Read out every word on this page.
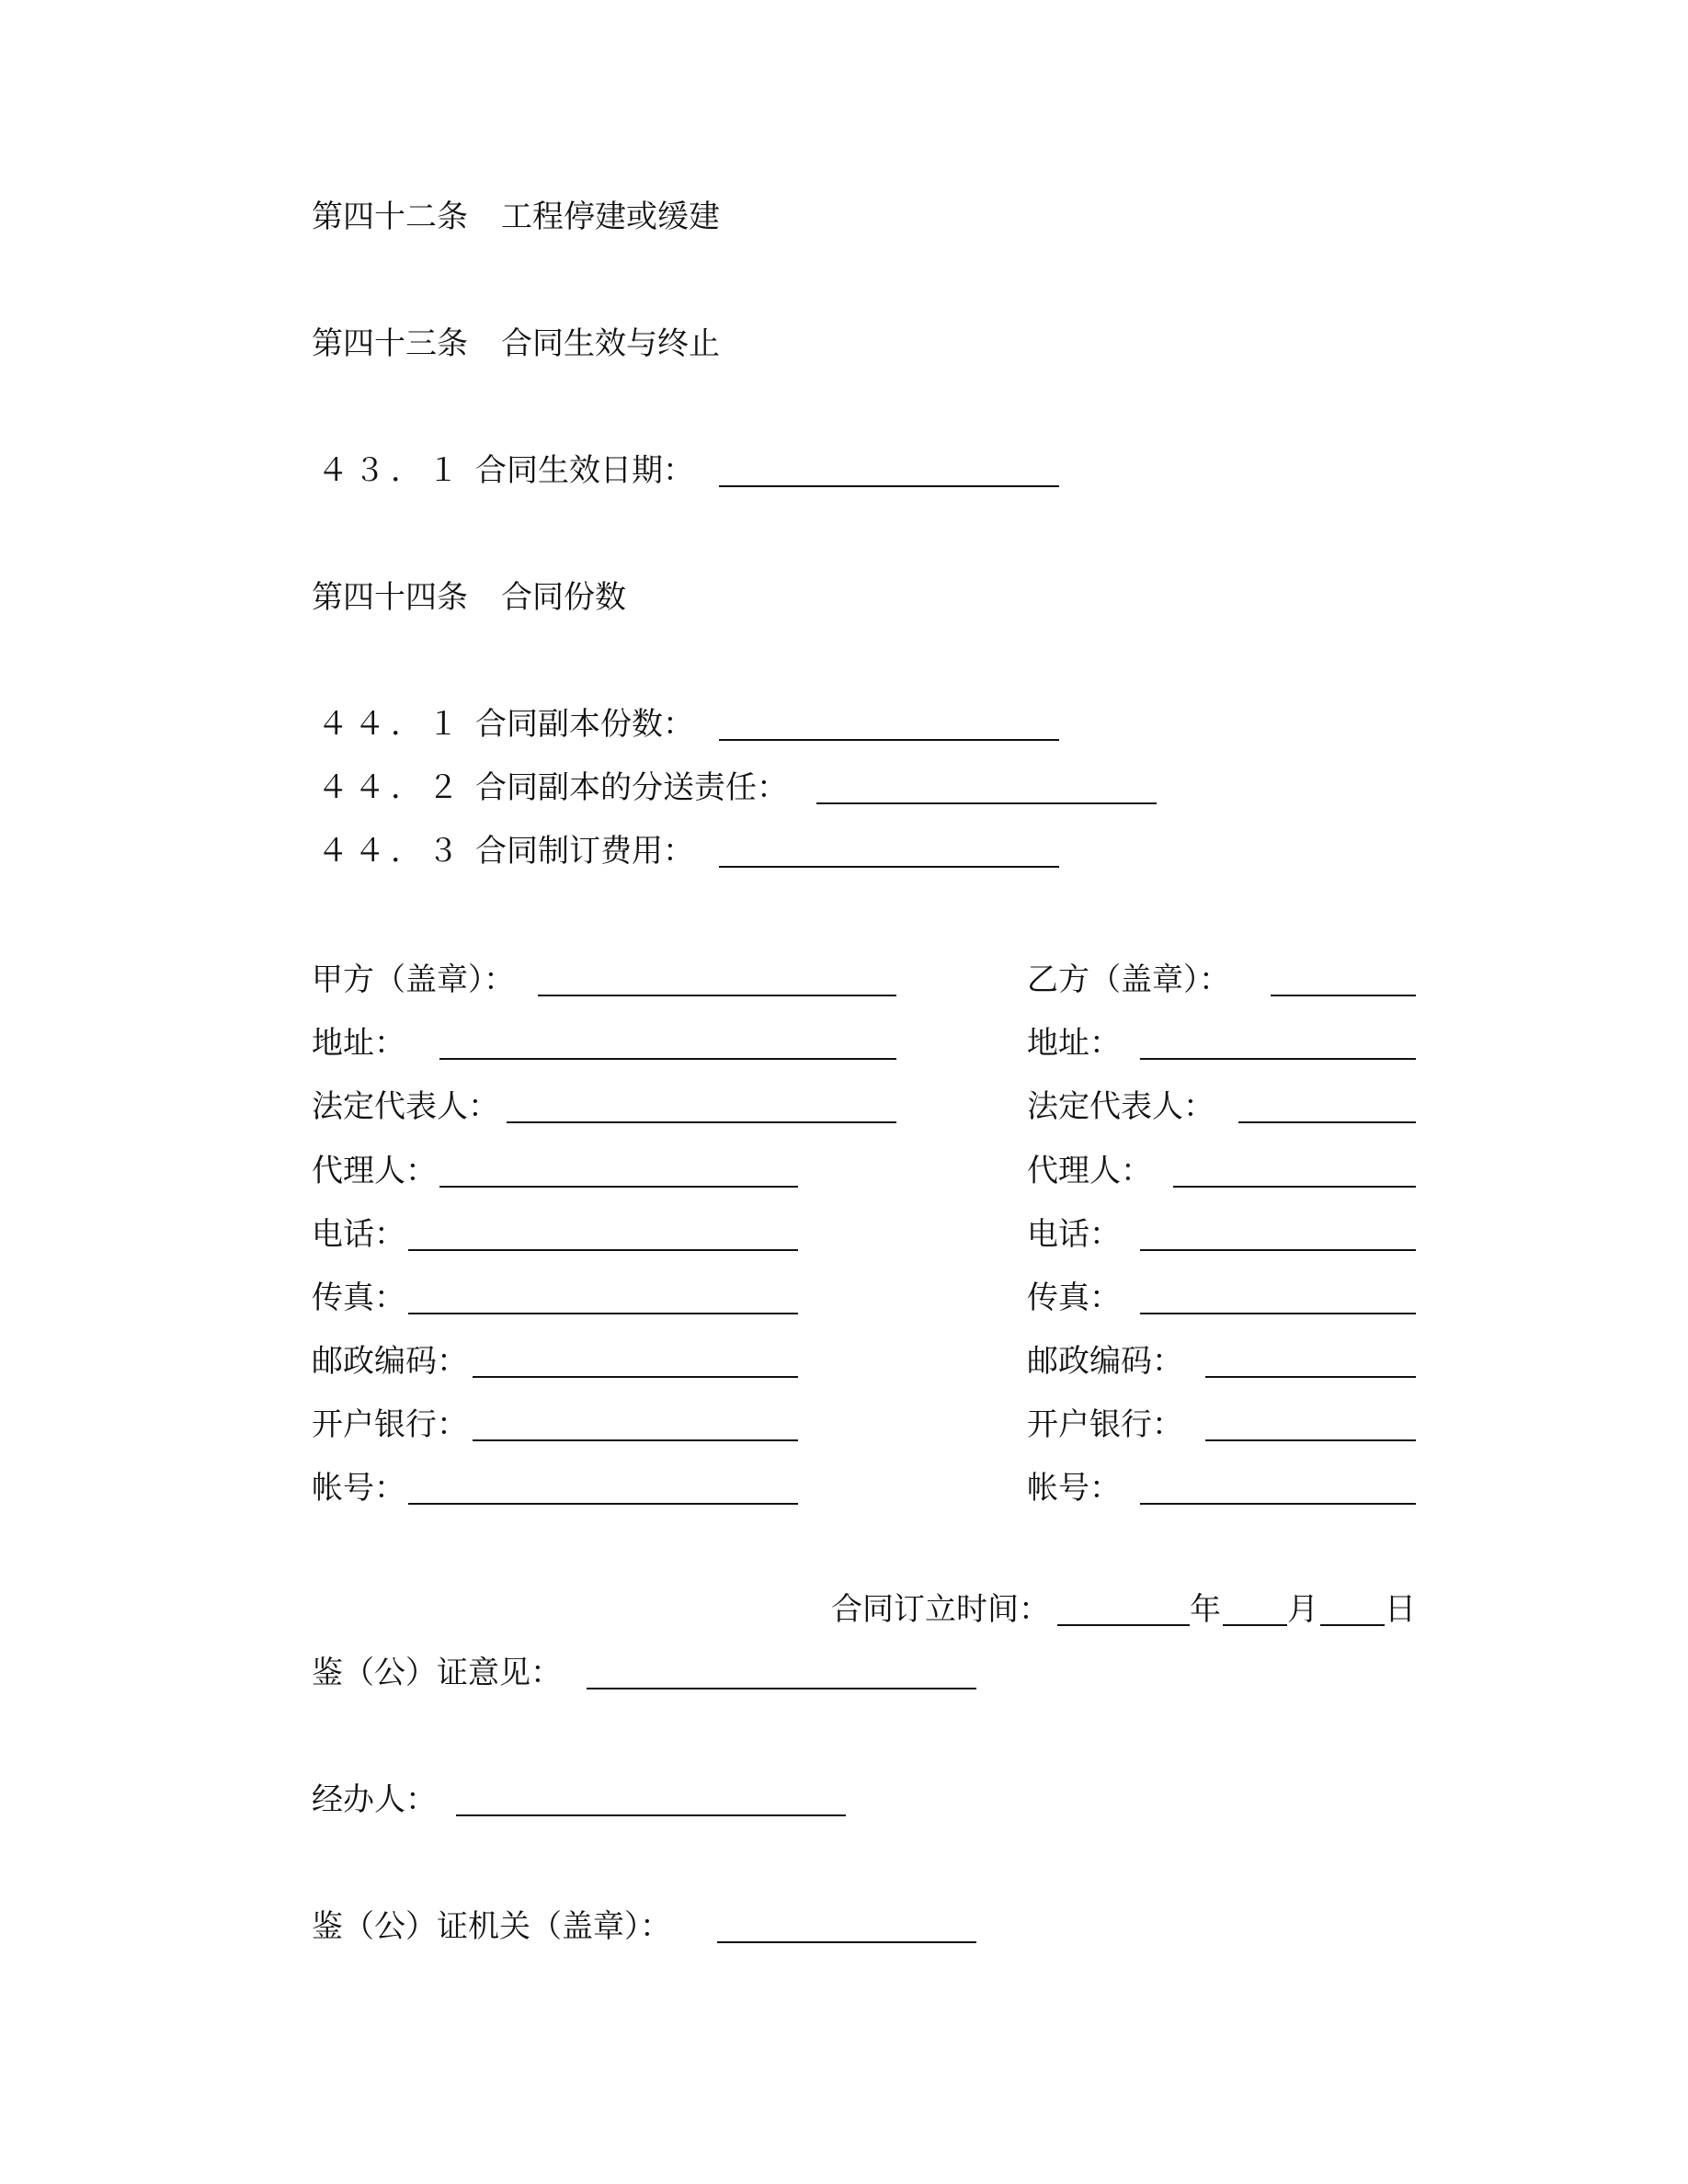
第四十二条 工程停建或缓建
第四十三条 合同生效与终止
４３．１ 合同生效日期：
第四十四条 合同份数
４４．１ 合同副本份数：
４４．２ 合同副本的分送责任：
４４．３ 合同制订费用：
甲方（盖章）：
地址：
法定代表人：
代理人：
电话：
传真：
邮政编码：
开户银行：
帐号：
乙方（盖章）：
地址：
法定代表人：
代理人：
电话：
传真：
邮政编码：
开户银行：
帐号：
合同订立时间：	年 月 日
鉴（公）证意见：
经办人：
鉴（公）证机关（盖章）：
